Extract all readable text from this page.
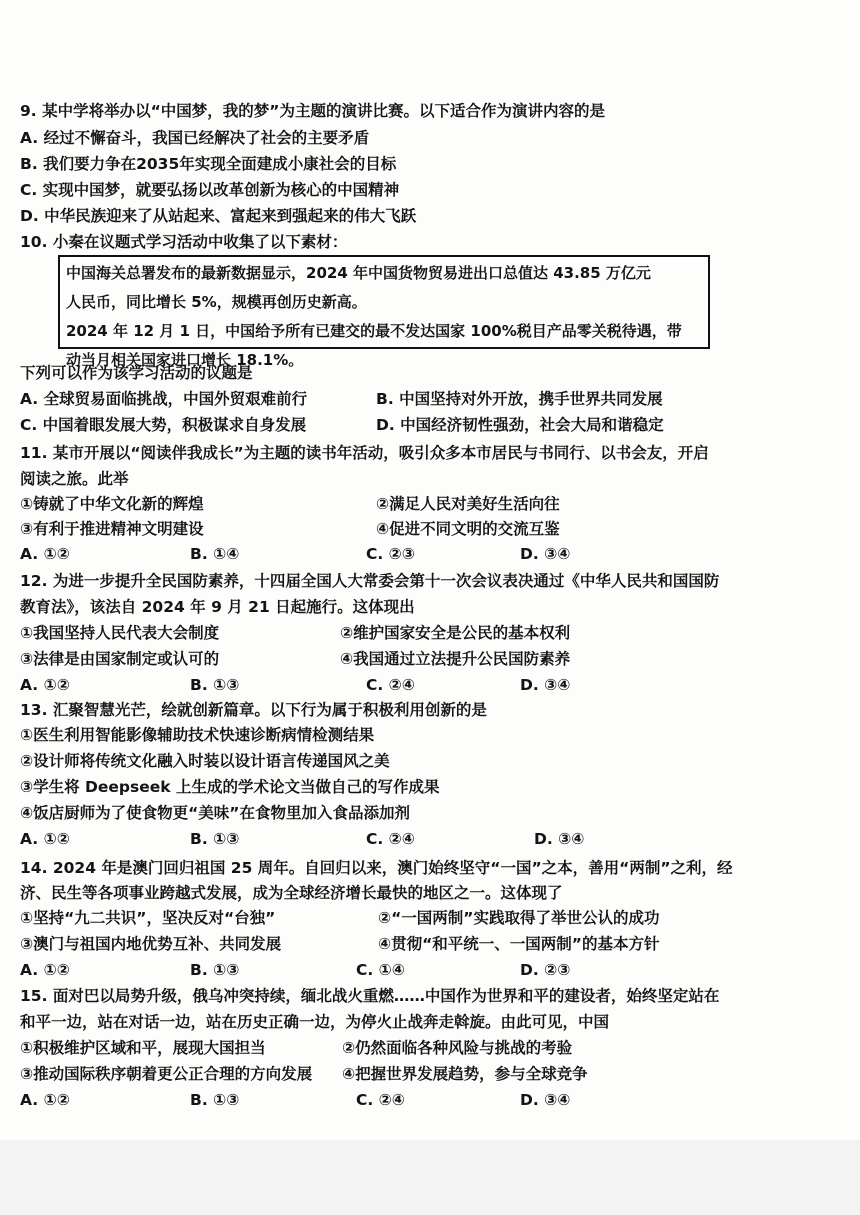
9. 某中学将举办以“中国梦，我的梦”为主题的演讲比赛。以下适合作为演讲内容的是
A. 经过不懈奋斗，我国已经解决了社会的主要矛盾
B. 我们要力争在2035年实现全面建成小康社会的目标
C. 实现中国梦，就要弘扬以改革创新为核心的中国精神
D. 中华民族迎来了从站起来、富起来到强起来的伟大飞跃
10. 小秦在议题式学习活动中收集了以下素材：

中国海关总署发布的最新数据显示，2024 年中国货物贸易进出口总值达 43.85 万亿元

人民币，同比增长 5%，规模再创历史新高。

2024 年 12 月 1 日，中国给予所有已建交的最不发达国家 100%税目产品零关税待遇，带

动当月相关国家进口增长 18.1%。

下列可以作为该学习活动的议题是
A. 全球贸易面临挑战，中国外贸艰难前行	B. 中国坚持对外开放，携手世界共同发展
C. 中国着眼发展大势，积极谋求自身发展	D. 中国经济韧性强劲，社会大局和谐稳定
11. 某市开展以“阅读伴我成长”为主题的读书年活动，吸引众多本市居民与书同行、以书会友，开启
阅读之旅。此举
①铸就了中华文化新的辉煌	②满足人民对美好生活向往
③有利于推进精神文明建设	④促进不同文明的交流互鉴
A. ①②	B. ①④	C. ②③	D. ③④
12. 为进一步提升全民国防素养，十四届全国人大常委会第十一次会议表决通过《中华人民共和国国防
教育法》，该法自 2024 年 9 月 21 日起施行。这体现出
①我国坚持人民代表大会制度	②维护国家安全是公民的基本权利
③法律是由国家制定或认可的	④我国通过立法提升公民国防素养
A. ①②	B. ①③	C. ②④	D. ③④
13. 汇聚智慧光芒，绘就创新篇章。以下行为属于积极利用创新的是
①医生利用智能影像辅助技术快速诊断病情检测结果
②设计师将传统文化融入时装以设计语言传递国风之美
③学生将 Deepseek 上生成的学术论文当做自己的写作成果
④饭店厨师为了使食物更“美味”在食物里加入食品添加剂
A. ①②	B. ①③	C. ②④	D. ③④
14. 2024 年是澳门回归祖国 25 周年。自回归以来，澳门始终坚守“一国”之本，善用“两制”之利，经
济、民生等各项事业跨越式发展，成为全球经济增长最快的地区之一。这体现了
①坚持“九二共识”，坚决反对“台独”	②“一国两制”实践取得了举世公认的成功
③澳门与祖国内地优势互补、共同发展	④贯彻“和平统一、一国两制”的基本方针
A. ①②	B. ①③	C. ①④	D. ②③
15. 面对巴以局势升级，俄乌冲突持续，缅北战火重燃……中国作为世界和平的建设者，始终坚定站在
和平一边，站在对话一边，站在历史正确一边，为停火止战奔走斡旋。由此可见，中国
①积极维护区域和平，展现大国担当	②仍然面临各种风险与挑战的考验
③推动国际秩序朝着更公正合理的方向发展 ④把握世界发展趋势，参与全球竞争
A. ①②	B. ①③	C. ②④	D. ③④
